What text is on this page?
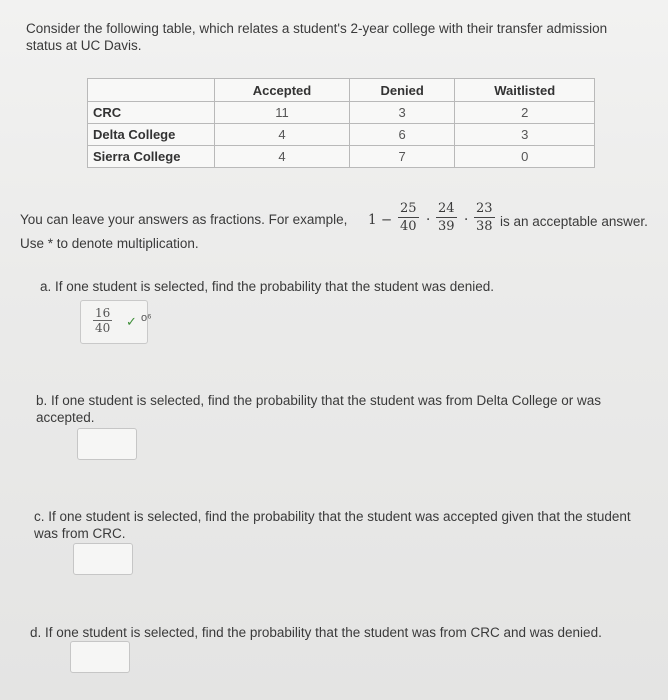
Consider the following table, which relates a student's 2-year college with their transfer admission status at UC Davis.
	Accepted	Denied	Waitlisted
CRC	11	3	2
Delta College	4	6	3
Sierra College	4	7	0
You can leave your answers as fractions. For example, $1 - \frac{25}{40} \cdot \frac{24}{39} \cdot \frac{23}{38}$ is an acceptable answer.
Use * to denote multiplication.
a. If one student is selected, find the probability that the student was denied.
$\frac{16}{40}$ ✓ o⁶
b. If one student is selected, find the probability that the student was from Delta College or was accepted.
c. If one student is selected, find the probability that the student was accepted given that the student was from CRC.
d. If one student is selected, find the probability that the student was from CRC and was denied.
